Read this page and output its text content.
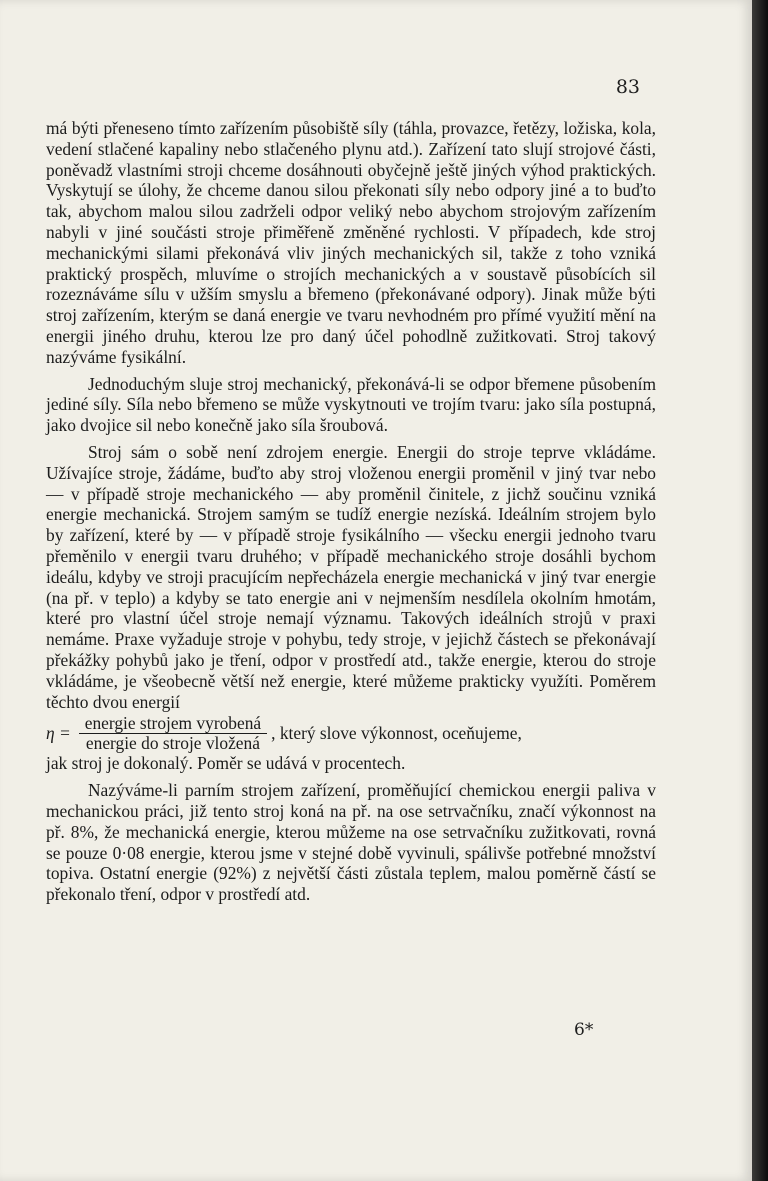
83

má býti přeneseno tímto zařízením působiště síly (táhla, provazce, řetězy, ložiska, kola, vedení stlačené kapaliny nebo stlačeného plynu atd.). Zařízení tato slují strojové části, poněvadž vlastními stroji chceme dosáhnouti obyčejně ještě jiných výhod praktických. Vyskytují se úlohy, že chceme danou silou překonati síly nebo odpory jiné a to buďto tak, abychom malou silou zadrželi odpor veliký nebo abychom strojovým zařízením nabyli v jiné součásti stroje přiměřeně změněné rychlosti. V případech, kde stroj mechanickými silami překonává vliv jiných mechanických sil, takže z toho vzniká praktický prospěch, mluvíme o strojích mechanických a v soustavě působících sil rozeznáváme sílu v užším smyslu a břemeno (překonávané odpory). Jinak může býti stroj zařízením, kterým se daná energie ve tvaru nevhodném pro přímé využití mění na energii jiného druhu, kterou lze pro daný účel pohodlně zužitkovati. Stroj takový nazýváme fysikální.

Jednoduchým sluje stroj mechanický, překonává-li se odpor břemene působením jediné síly. Síla nebo břemeno se může vyskytnouti ve trojím tvaru: jako síla postupná, jako dvojice sil nebo konečně jako síla šroubová.

Stroj sám o sobě není zdrojem energie. Energii do stroje teprve vkládáme. Užívajíce stroje, žádáme, buďto aby stroj vloženou energii proměnil v jiný tvar nebo — v případě stroje mechanického — aby proměnil činitele, z jichž součinu vzniká energie mechanická. Strojem samým se tudíž energie nezíská. Ideálním strojem bylo by zařízení, které by — v případě stroje fysikálního — všecku energii jednoho tvaru přeměnilo v energii tvaru druhého; v případě mechanického stroje dosáhli bychom ideálu, kdyby ve stroji pracujícím nepřecházela energie mechanická v jiný tvar energie (na př. v teplo) a kdyby se tato energie ani v nejmenším nesdílela okolním hmotám, které pro vlastní účel stroje nemají významu. Takových ideálních strojů v praxi nemáme. Praxe vyžaduje stroje v pohybu, tedy stroje, v jejichž částech se překonávají překážky pohybů jako je tření, odpor v prostředí atd., takže energie, kterou do stroje vkládáme, je všeobecně větší než energie, které můžeme prakticky využíti. Poměrem těchto dvou energií

$\eta = \frac{\text{energie strojem vyrobená}}{\text{energie do stroje vložená}}$ , který slove výkonnost, oceňujeme,

jak stroj je dokonalý. Poměr se udává v procentech.

Nazýváme-li parním strojem zařízení, proměňující chemickou energii paliva v mechanickou práci, již tento stroj koná na př. na ose setrvačníku, značí výkonnost na př. 8%, že mechanická energie, kterou můžeme na ose setrvačníku zužitkovati, rovná se pouze 0·08 energie, kterou jsme v stejné době vyvinuli, spálivše potřebné množství topiva. Ostatní energie (92%) z největší části zůstala teplem, malou poměrně částí se překonalo tření, odpor v prostředí atd.

6*
